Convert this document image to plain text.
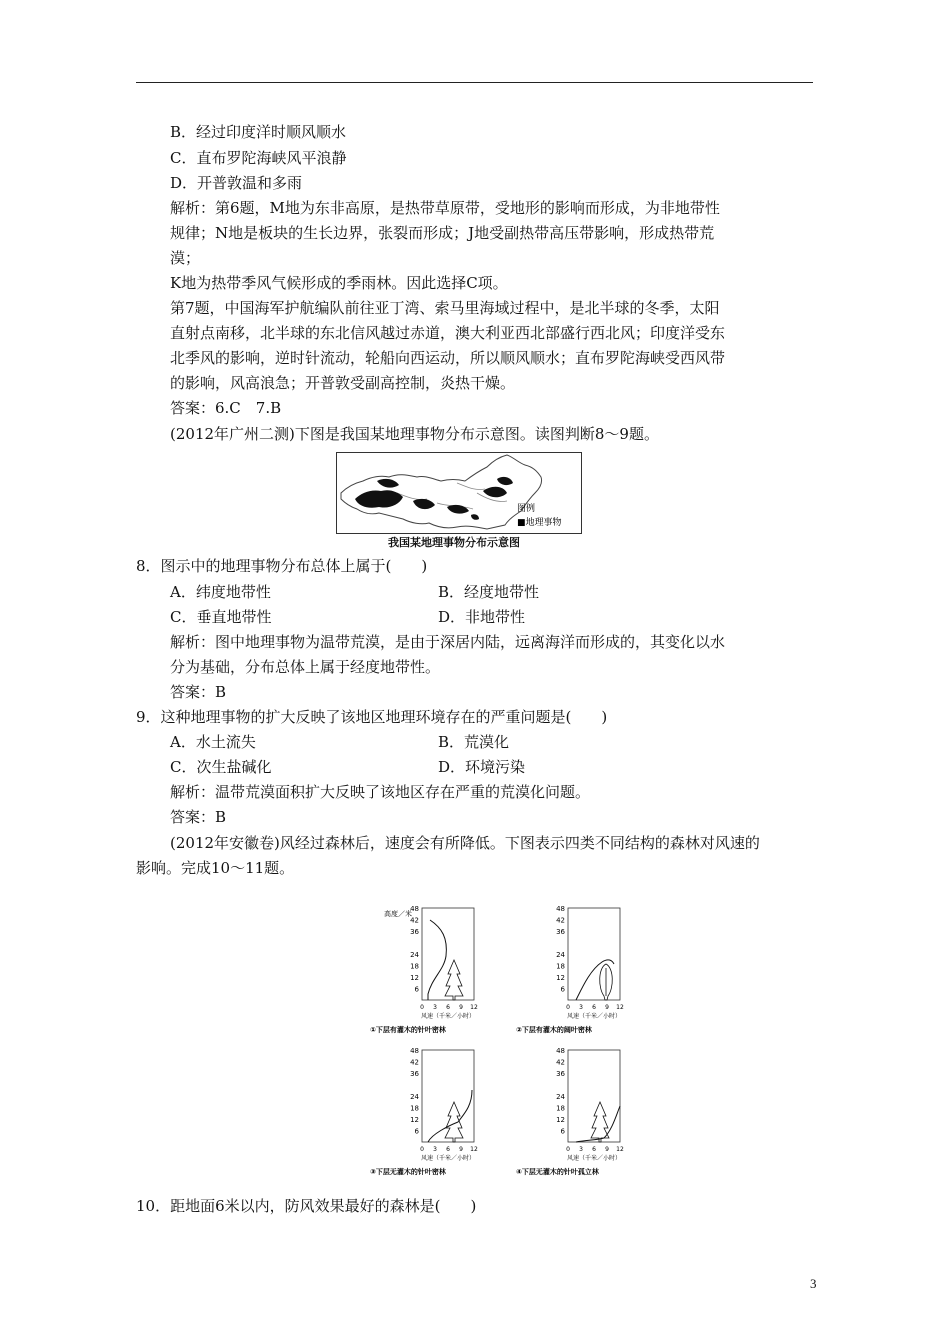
B．经过印度洋时顺风顺水
C．直布罗陀海峡风平浪静
D．开普敦温和多雨
解析：第6题，M地为东非高原，是热带草原带，受地形的影响而形成，为非地带性
规律；N地是板块的生长边界，张裂而形成；J地受副热带高压带影响，形成热带荒
漠；
K地为热带季风气候形成的季雨林。因此选择C项。
第7题，中国海军护航编队前往亚丁湾、索马里海域过程中，是北半球的冬季，太阳
直射点南移，北半球的东北信风越过赤道，澳大利亚西北部盛行西北风；印度洋受东
北季风的影响，逆时针流动，轮船向西运动，所以顺风顺水；直布罗陀海峡受西风带
的影响，风高浪急；开普敦受副高控制，炎热干燥。
答案：6.C　7.B
(2012年广州二测)下图是我国某地理事物分布示意图。读图判断8～9题。
8．图示中的地理事物分布总体上属于(　　)
A．纬度地带性	B．经度地带性
C．垂直地带性	D．非地带性
解析：图中地理事物为温带荒漠，是由于深居内陆，远离海洋而形成的，其变化以水
分为基础，分布总体上属于经度地带性。
答案：B
9．这种地理事物的扩大反映了该地区地理环境存在的严重问题是(　　)
A．水土流失	B．荒漠化
C．次生盐碱化	D．环境污染
解析：温带荒漠面积扩大反映了该地区存在严重的荒漠化问题。
答案：B
(2012年安徽卷)风经过森林后，速度会有所降低。下图表示四类不同结构的森林对风速的
影响。完成10～11题。
10．距地面6米以内，防风效果最好的森林是(　　)
图例
■地理事物
我国某地理事物分布示意图
48
42
36
24
18
12
6
0 3 6 9 12
风速（千米／小时）
高度／米
①下层有灌木的针叶密林
48
42
36
24
18
12
6
0 3 6 9 12
风速（千米／小时）
②下层有灌木的阔叶密林
48
42
36
24
18
12
6
0 3 6 9 12
风速（千米／小时）
③下层无灌木的针叶密林
48
42
36
24
18
12
6
0 3 6 9 12
风速（千米／小时）
④下层无灌木的针叶孤立林
3
